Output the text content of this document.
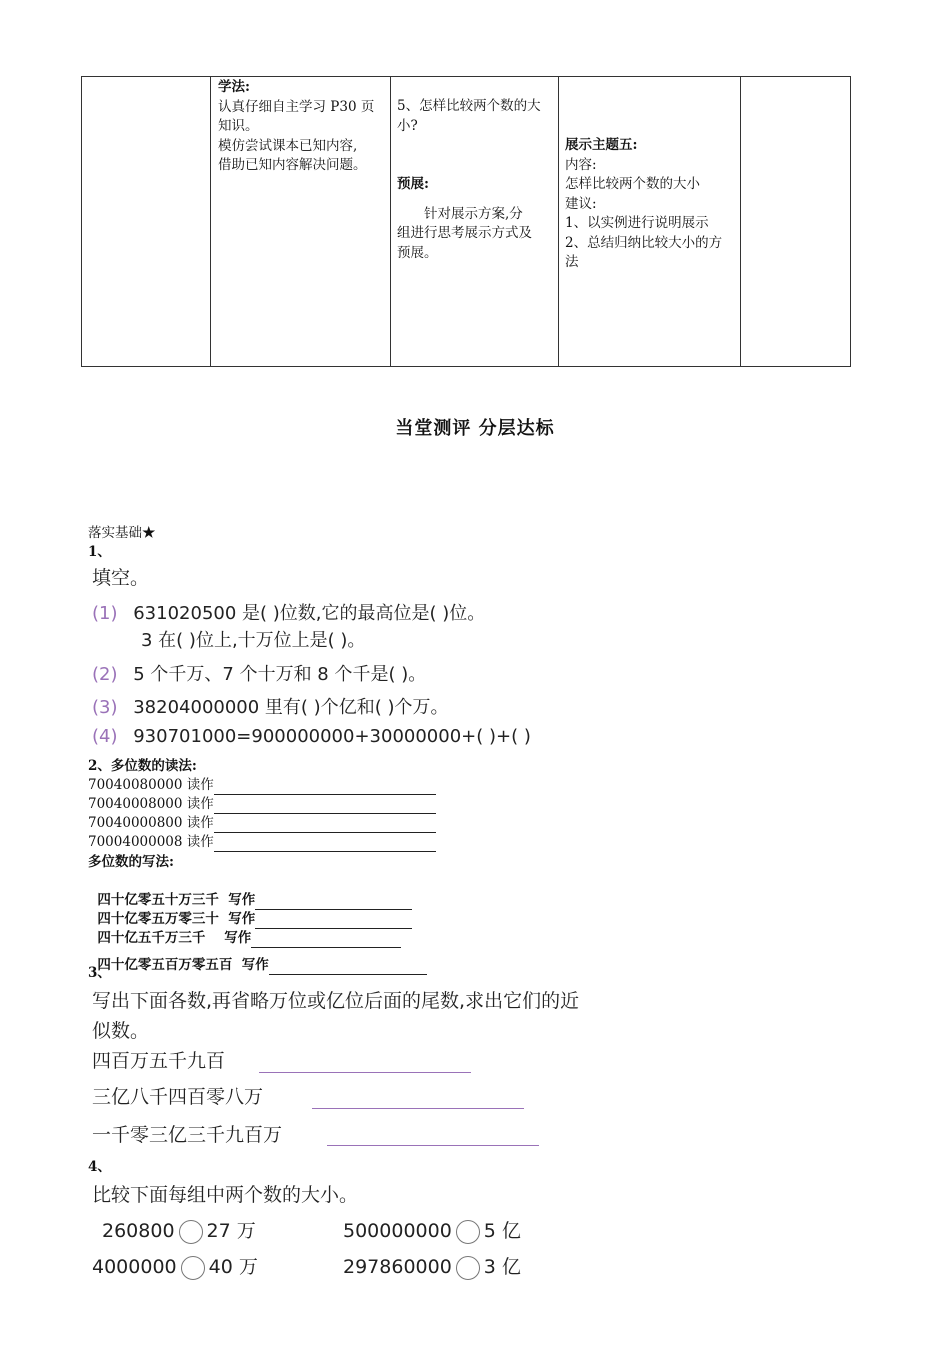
学法:
认真仔细自主学习 P30 页
知识。
模仿尝试课本已知内容,
借助已知内容解决问题。
5、怎样比较两个数的大
小?
预展:
针对展示方案,分
组进行思考展示方式及
预展。
展示主题五:
内容:
怎样比较两个数的大小
建议:
1、以实例进行说明展示
2、总结归纳比较大小的方
法
当堂测评 分层达标
落实基础★
1、
填空。
(1) 631020500 是( )位数,它的最高位是( )位。
3 在( )位上,十万位上是( )。
(2) 5 个千万、7 个十万和 8 个千是( )。
(3) 38204000000 里有( )个亿和( )个万。
(4) 930701000=900000000+30000000+( )+( )
2、多位数的读法:
70040080000 读作
70040008000 读作
70040000800 读作
70004000008 读作
多位数的写法:

四十亿零五十万三千  写作

四十亿零五万零三十  写作

四十亿五千万三千    写作

四十亿零五百万零五百  写作

3、
写出下面各数,再省略万位或亿位后面的尾数,求出它们的近
似数。
四百万五千九百
三亿八千四百零八万
一千零三亿三千九百万
4、
比较下面每组中两个数的大小。
260800 27 万	500000000 5 亿
4000000 40 万	297860000 3 亿
